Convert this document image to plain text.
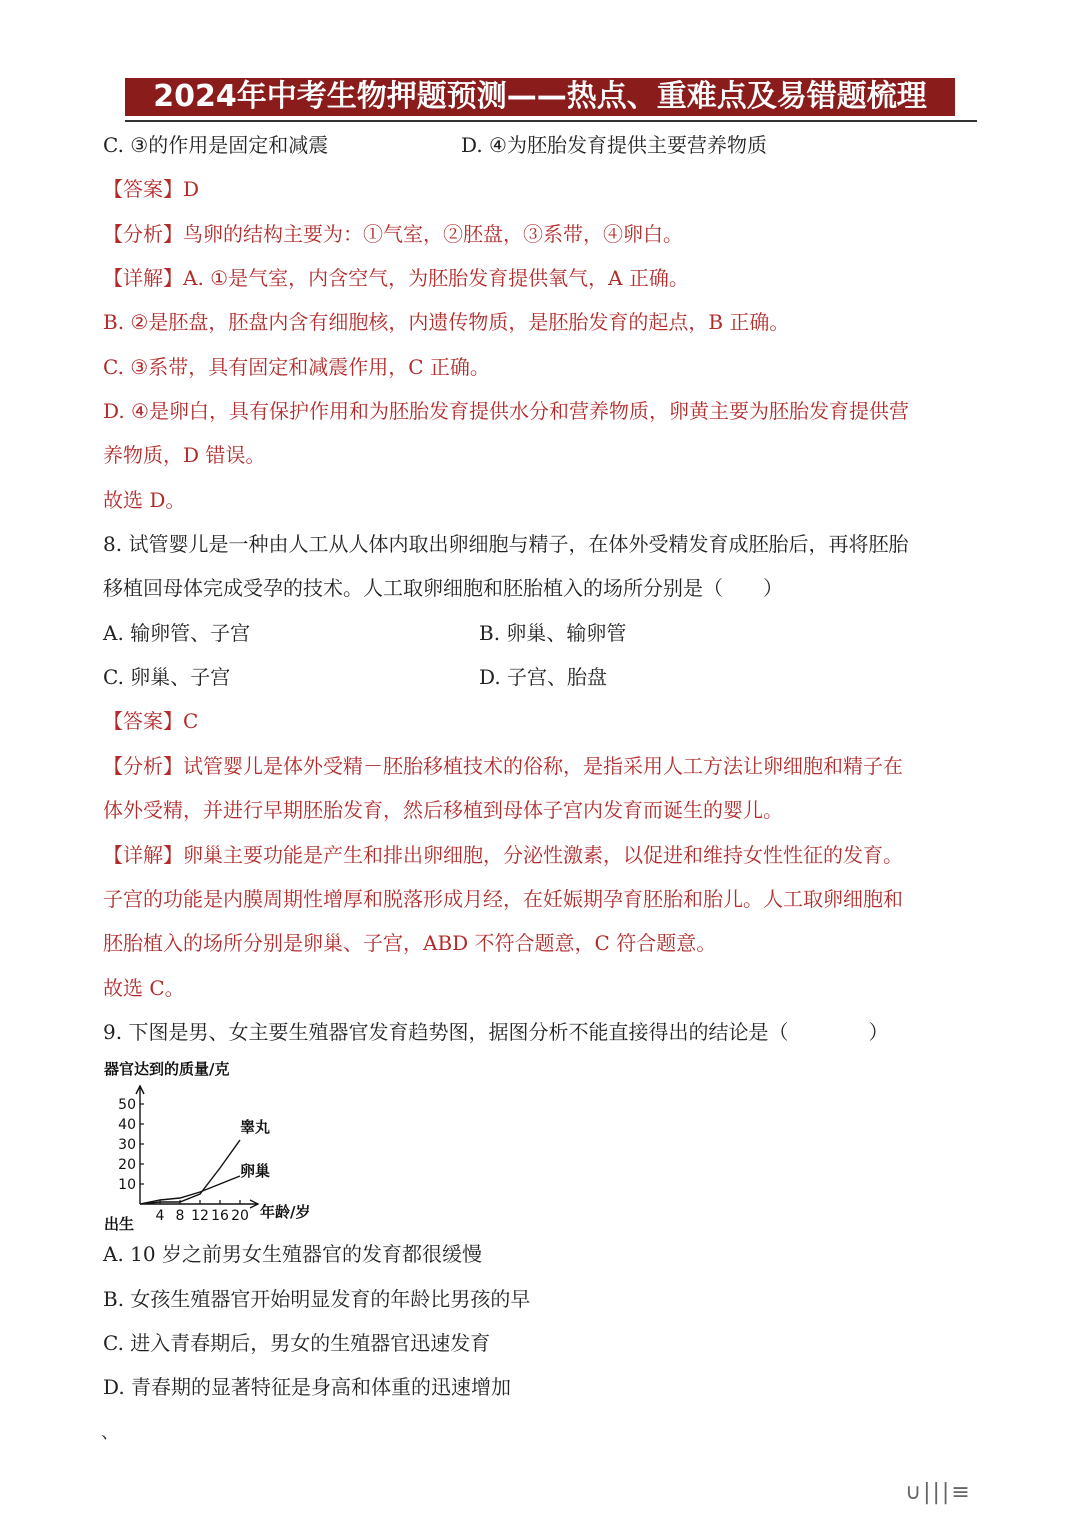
2024年中考生物押题预测——热点、重难点及易错题梳理
C. ③的作用是固定和减震	D. ④为胚胎发育提供主要营养物质
【答案】D
【分析】鸟卵的结构主要为：①气室，②胚盘，③系带，④卵白。
【详解】A. ①是气室，内含空气，为胚胎发育提供氧气，A 正确。
B. ②是胚盘，胚盘内含有细胞核，内遗传物质，是胚胎发育的起点，B 正确。
C. ③系带，具有固定和减震作用，C 正确。
D. ④是卵白，具有保护作用和为胚胎发育提供水分和营养物质，卵黄主要为胚胎发育提供营
养物质，D 错误。
故选 D。
8. 试管婴儿是一种由人工从人体内取出卵细胞与精子，在体外受精发育成胚胎后，再将胚胎
移植回母体完成受孕的技术。人工取卵细胞和胚胎植入的场所分别是（　　）
A. 输卵管、子宫	B. 卵巢、输卵管
C. 卵巢、子宫	D. 子宫、胎盘
【答案】C
【分析】试管婴儿是体外受精－胚胎移植技术的俗称，是指采用人工方法让卵细胞和精子在
体外受精，并进行早期胚胎发育，然后移植到母体子宫内发育而诞生的婴儿。
【详解】卵巢主要功能是产生和排出卵细胞，分泌性激素，以促进和维持女性性征的发育。
子宫的功能是内膜周期性增厚和脱落形成月经，在妊娠期孕育胚胎和胎儿。人工取卵细胞和
胚胎植入的场所分别是卵巢、子宫，ABD 不符合题意，C 符合题意。
故选 C。
9. 下图是男、女主要生殖器官发育趋势图，据图分析不能直接得出的结论是（　　　　）
器官达到的质量/克
10
20
30
40
50
4 8 12 16 20
睾丸
卵巢
出生
年龄/岁
A. 10 岁之前男女生殖器官的发育都很缓慢
B. 女孩生殖器官开始明显发育的年龄比男孩的早
C. 进入青春期后，男女的生殖器官迅速发育
D. 青春期的显著特征是身高和体重的迅速增加
、
∪|||≡
